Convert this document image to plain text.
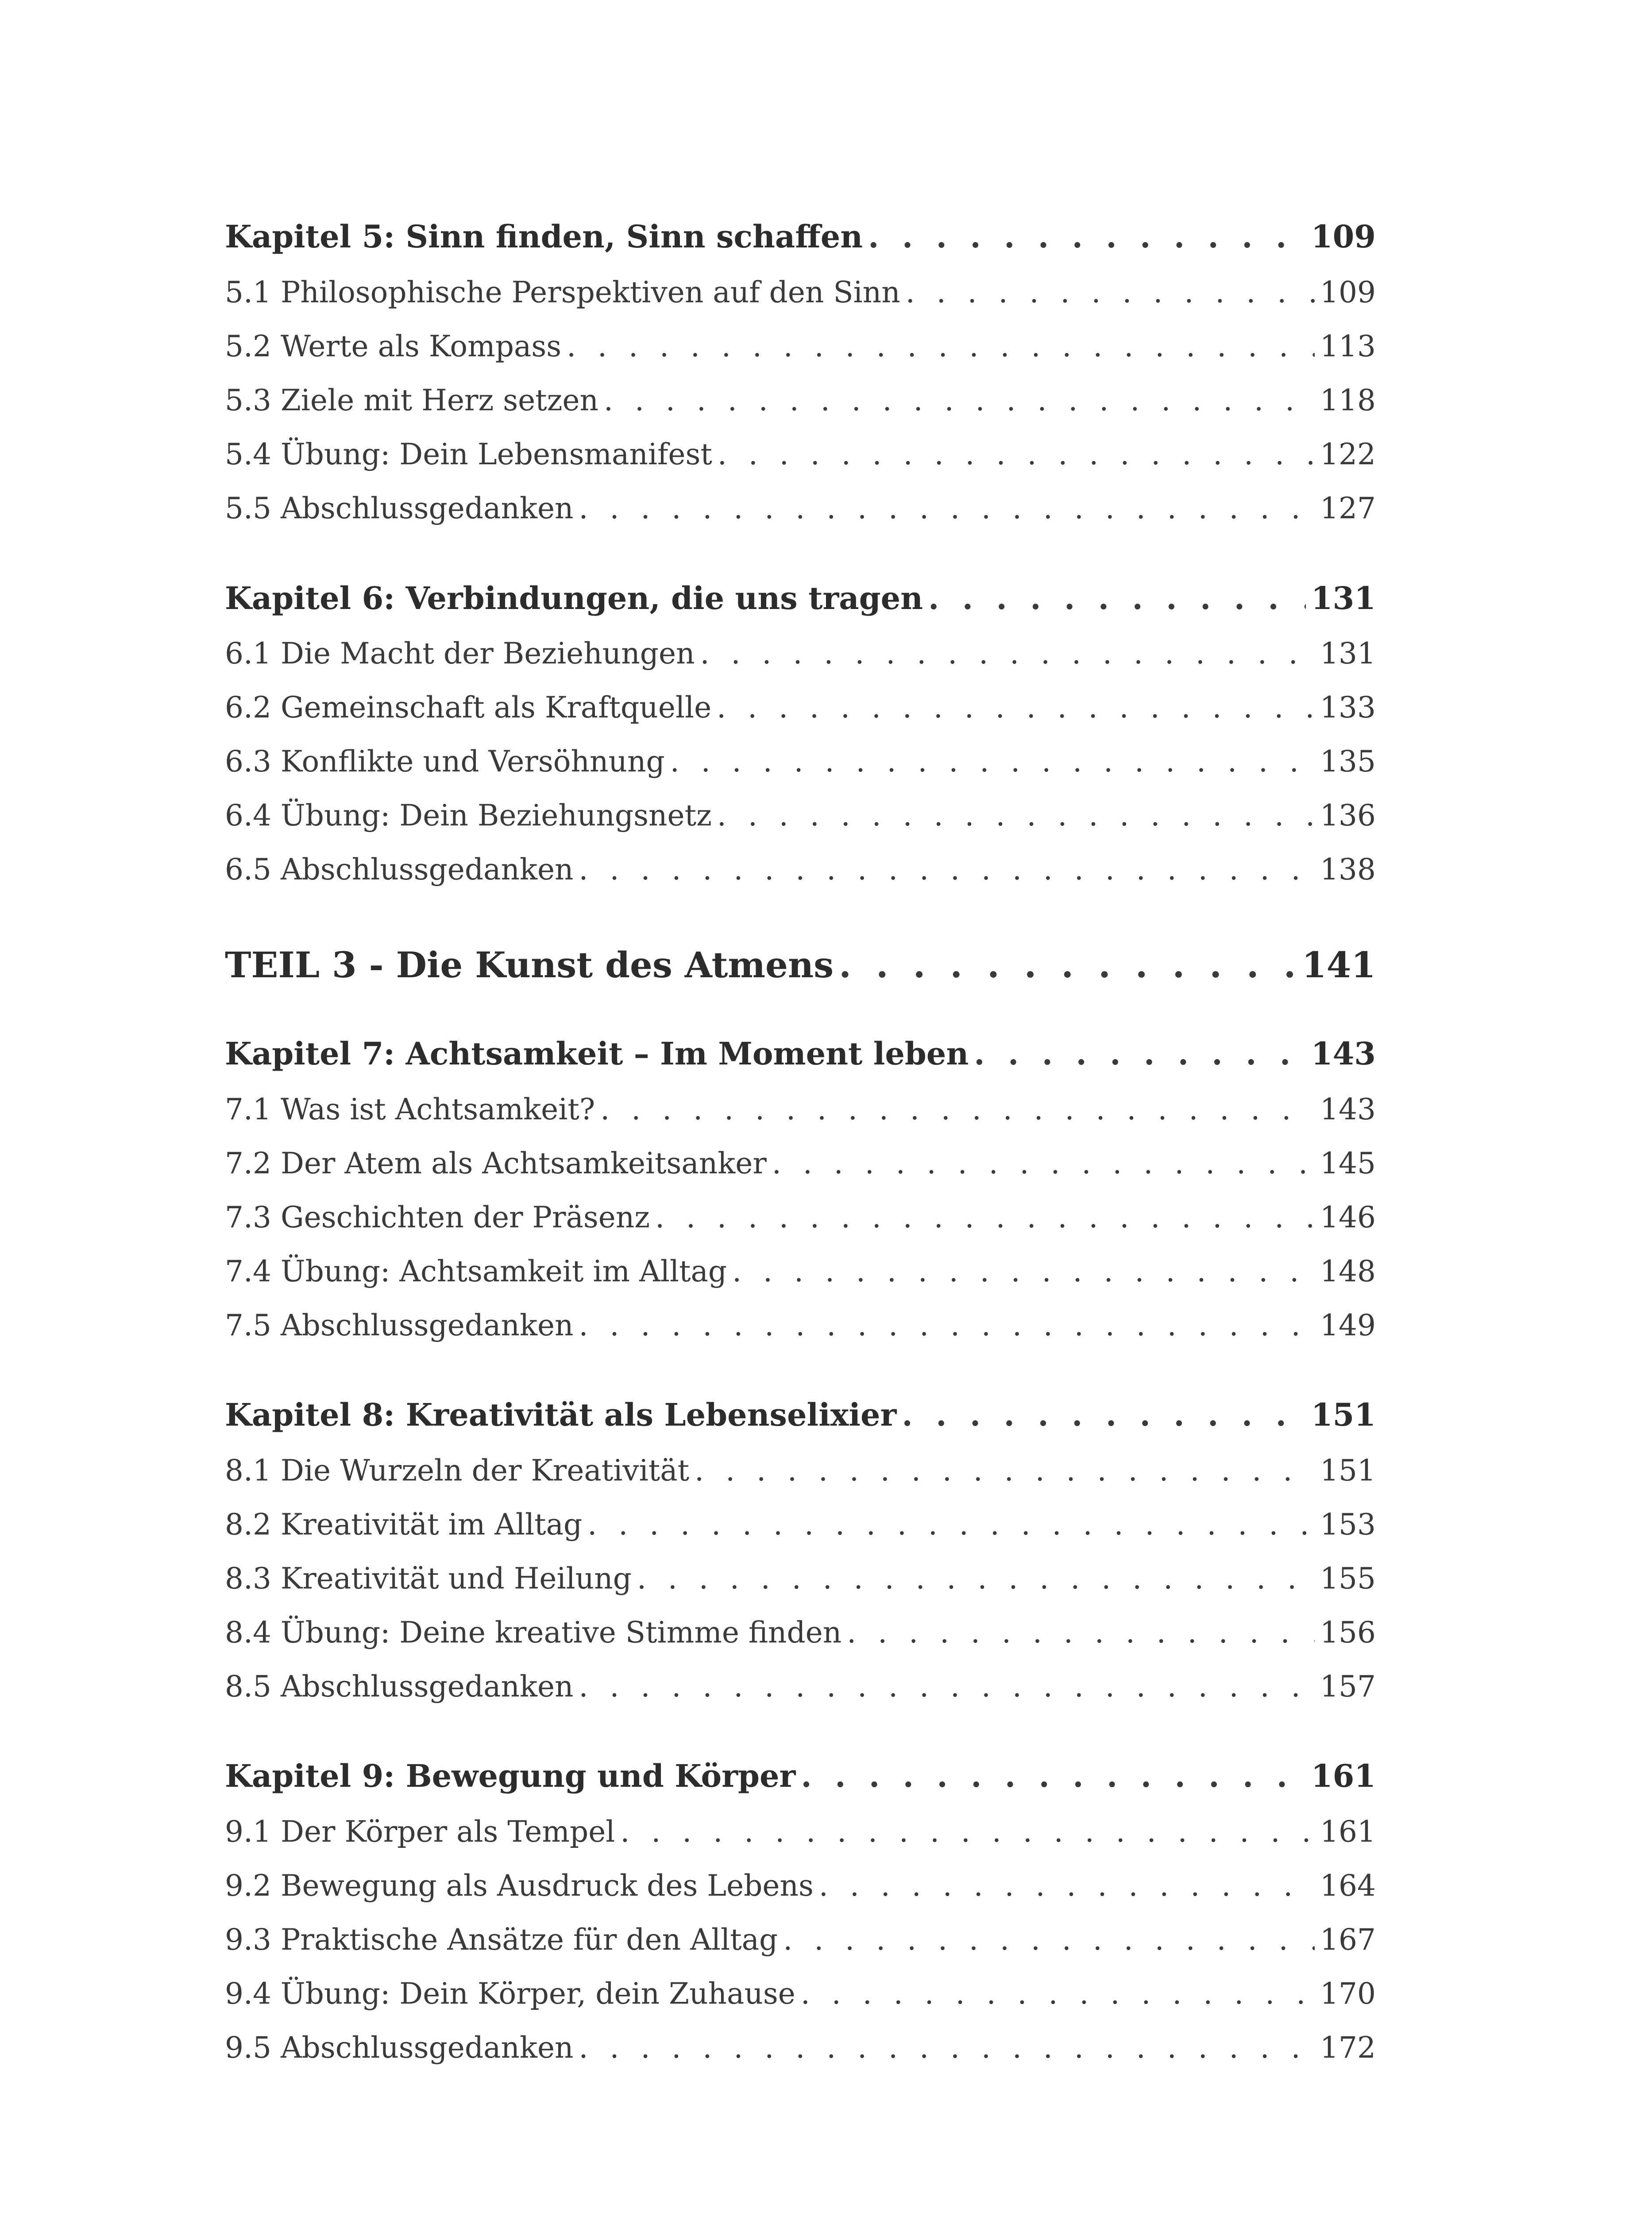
Kapitel 5: Sinn finden, Sinn schaffen . . .	109
5.1 Philosophische Perspektiven auf den Sinn . . .	109
5.2 Werte als Kompass . . .	113
5.3 Ziele mit Herz setzen . . .	118
5.4 Übung: Dein Lebensmanifest . . .	122
5.5 Abschlussgedanken . . .	127
Kapitel 6: Verbindungen, die uns tragen . . .	131
6.1 Die Macht der Beziehungen . . .	131
6.2 Gemeinschaft als Kraftquelle . . .	133
6.3 Konflikte und Versöhnung . . .	135
6.4 Übung: Dein Beziehungsnetz . . .	136
6.5 Abschlussgedanken . . .	138
TEIL 3 - Die Kunst des Atmens . . .	141
Kapitel 7: Achtsamkeit – Im Moment leben . . .	143
7.1 Was ist Achtsamkeit? . . .	143
7.2 Der Atem als Achtsamkeitsanker . . .	145
7.3 Geschichten der Präsenz . . .	146
7.4 Übung: Achtsamkeit im Alltag . . .	148
7.5 Abschlussgedanken . . .	149
Kapitel 8: Kreativität als Lebenselixier . . .	151
8.1 Die Wurzeln der Kreativität . . .	151
8.2 Kreativität im Alltag . . .	153
8.3 Kreativität und Heilung . . .	155
8.4 Übung: Deine kreative Stimme finden . . .	156
8.5 Abschlussgedanken . . .	157
Kapitel 9: Bewegung und Körper . . .	161
9.1 Der Körper als Tempel . . .	161
9.2 Bewegung als Ausdruck des Lebens . . .	164
9.3 Praktische Ansätze für den Alltag . . .	167
9.4 Übung: Dein Körper, dein Zuhause . . .	170
9.5 Abschlussgedanken . . .	172
